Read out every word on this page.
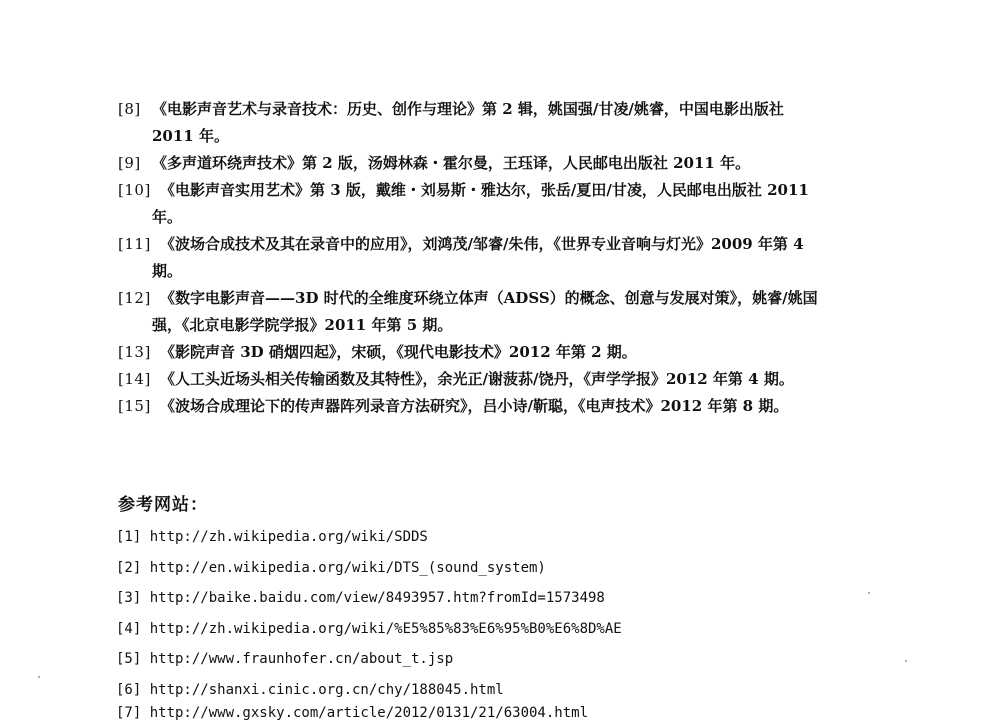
[8] 《电影声音艺术与录音技术：历史、创作与理论》第 2 辑，姚国强/甘凌/姚睿，中国电影出版社
2011 年。
[9] 《多声道环绕声技术》第 2 版，汤姆林森・霍尔曼，王珏译，人民邮电出版社 2011 年。
[10] 《电影声音实用艺术》第 3 版，戴维・刘易斯・雅达尔，张岳/夏田/甘凌，人民邮电出版社 2011
年。
[11] 《波场合成技术及其在录音中的应用》，刘鸿茂/邹睿/朱伟，《世界专业音响与灯光》2009 年第 4
期。
[12] 《数字电影声音——3D 时代的全维度环绕立体声（ADSS）的概念、创意与发展对策》，姚睿/姚国
强，《北京电影学院学报》2011 年第 5 期。
[13] 《影院声音 3D 硝烟四起》，宋硕，《现代电影技术》2012 年第 2 期。
[14] 《人工头近场头相关传输函数及其特性》，余光正/谢菠荪/饶丹，《声学学报》2012 年第 4 期。
[15] 《波场合成理论下的传声器阵列录音方法研究》，吕小诗/靳聪，《电声技术》2012 年第 8 期。
参考网站：
[1] http://zh.wikipedia.org/wiki/SDDS
[2] http://en.wikipedia.org/wiki/DTS_(sound_system)
[3] http://baike.baidu.com/view/8493957.htm?fromId=1573498
[4] http://zh.wikipedia.org/wiki/%E5%85%83%E6%95%B0%E6%8D%AE
[5] http://www.fraunhofer.cn/about_t.jsp
[6] http://shanxi.cinic.org.cn/chy/188045.html
[7] http://www.gxsky.com/article/2012/0131/21/63004.html
